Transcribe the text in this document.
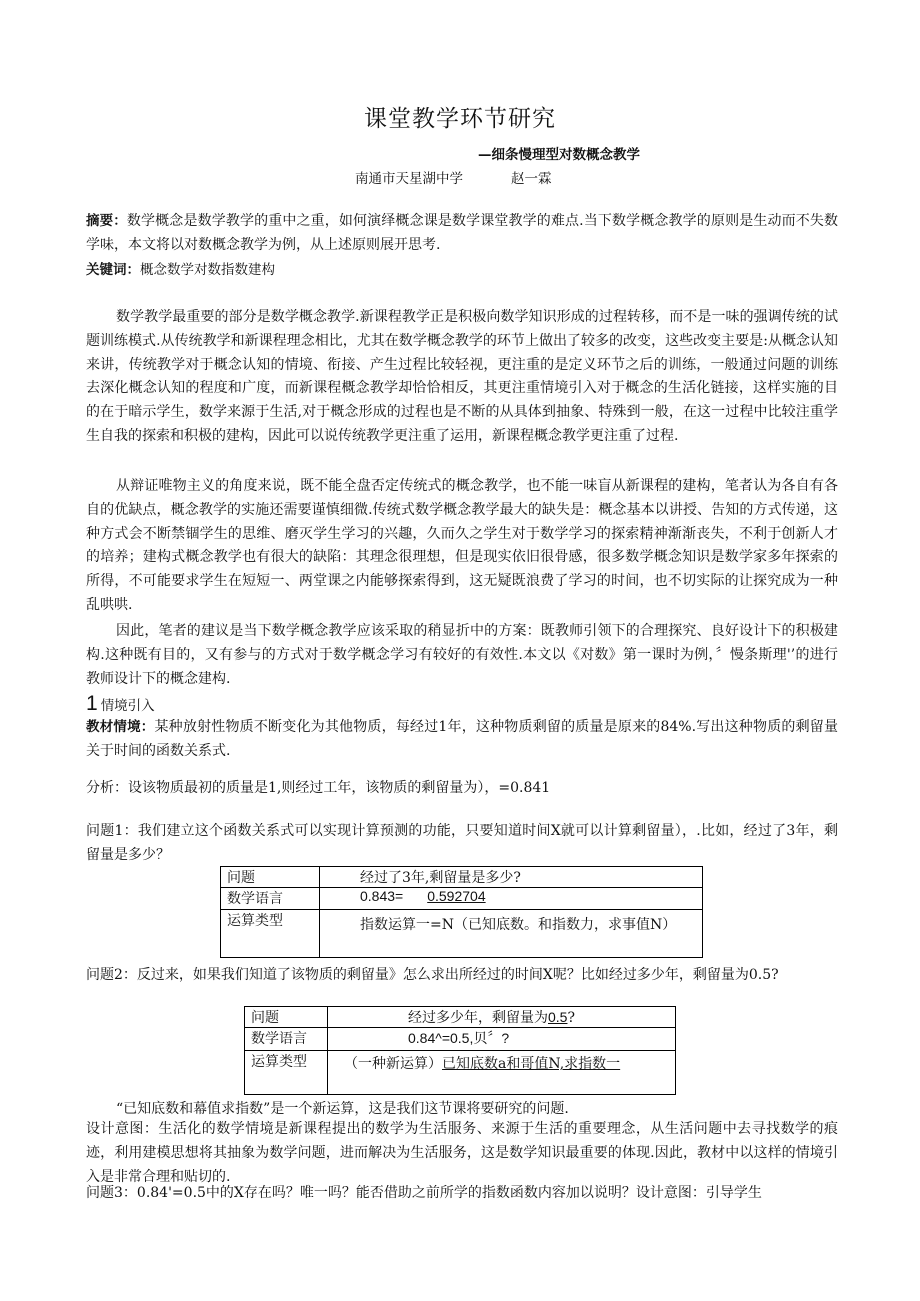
课堂教学环节研究
—细条慢理型对数概念教学
南通市天星湖中学	赵一霖
摘要：数学概念是数学教学的重中之重，如何演绎概念课是数学课堂教学的难点.当下数学概念教学的原则是生动而不失数学味，本文将以对数概念教学为例，从上述原则展开思考.
关键词：概念数学对数指数建构
数学教学最重要的部分是数学概念教学.新课程教学正是积极向数学知识形成的过程转移，而不是一味的强调传统的试题训练模式.从传统教学和新课程理念相比，尤其在数学概念教学的环节上做出了较多的改变，这些改变主要是:从概念认知来讲，传统教学对于概念认知的情境、衔接、产生过程比较轻视，更注重的是定义环节之后的训练，一般通过问题的训练去深化概念认知的程度和广度，而新课程概念教学却恰恰相反，其更注重情境引入对于概念的生活化链接，这样实施的目的在于暗示学生，数学来源于生活,对于概念形成的过程也是不断的从具体到抽象、特殊到一般，在这一过程中比较注重学生自我的探索和积极的建构，因此可以说传统教学更注重了运用，新课程概念教学更注重了过程.
从辩证唯物主义的角度来说，既不能全盘否定传统式的概念教学，也不能一味盲从新课程的建构，笔者认为各自有各自的优缺点，概念教学的实施还需要谨慎细微.传统式数学概念教学最大的缺失是：概念基本以讲授、告知的方式传递，这种方式会不断禁锢学生的思维、磨灭学生学习的兴趣，久而久之学生对于数学学习的探索精神渐渐丧失，不利于创新人才的培养；建构式概念教学也有很大的缺陷：其理念很理想，但是现实依旧很骨感，很多数学概念知识是数学家多年探索的所得，不可能要求学生在短短一、两堂课之内能够探索得到，这无疑既浪费了学习的时间，也不切实际的让探究成为一种乱哄哄.
因此，笔者的建议是当下数学概念教学应该采取的稍显折中的方案：既教师引领下的合理探究、良好设计下的积极建构.这种既有目的，又有参与的方式对于数学概念学习有较好的有效性.本文以《对数》第一课时为例，〞慢条斯理'’的进行教师设计下的概念建构.
1 情境引入
教材情境：某种放射性物质不断变化为其他物质，每经过1年，这种物质剩留的质量是原来的84%.写出这种物质的剩留量关于时间的函数关系式.
分析：设该物质最初的质量是1,则经过工年，该物质的剩留量为），=0.841
问题1：我们建立这个函数关系式可以实现计算预测的功能，只要知道时间X就可以计算剩留量），.比如，经过了3年，剩留量是多少？
问题	经过了3年,剩留量是多少?
数学语言	0.843= 0.592704
运算类型	指数运算一=N（已知底数。和指数力，求事值N）
问题2：反过来，如果我们知道了该物质的剩留量》怎么求出所经过的时间X呢？比如经过多少年，剩留量为0.5?
问题	经过多少年，剩留量为0.5?
数学语言	0.84^=0.5,贝〞?
运算类型	（一种新运算）已知底数a和哥值N,求指数一
“已知底数和幕值求指数”是一个新运算，这是我们这节课将要研究的问题.
设计意图：生活化的数学情境是新课程提出的数学为生活服务、来源于生活的重要理念，从生活问题中去寻找数学的痕迹，利用建模思想将其抽象为数学问题，进而解决为生活服务，这是数学知识最重要的体现.因此，教材中以这样的情境引入是非常合理和贴切的.
问题3：0.84'=0.5中的X存在吗？唯一吗？能否借助之前所学的指数函数内容加以说明？设计意图：引导学生
